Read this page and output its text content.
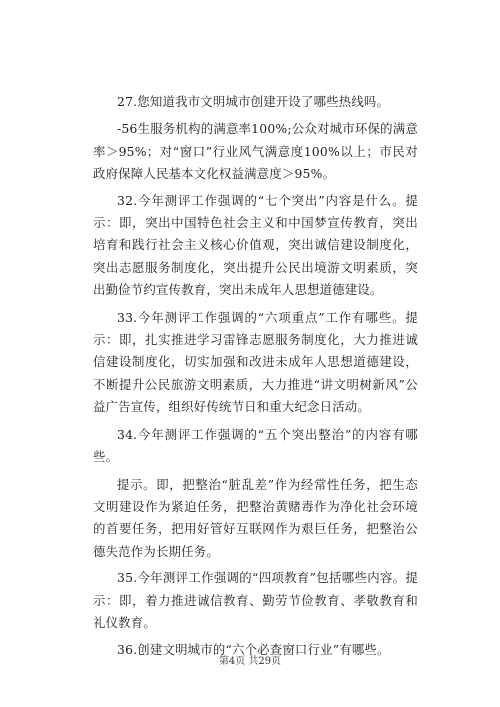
27.您知道我市文明城市创建开设了哪些热线吗。

-56生服务机构的满意率100%;公众对城市环保的满意率＞95%；对“窗口”行业风气满意度100%以上；市民对政府保障人民基本文化权益满意度＞95%。

32.今年测评工作强调的“七个突出”内容是什么。提示：即，突出中国特色社会主义和中国梦宣传教育，突出培育和践行社会主义核心价值观，突出诚信建设制度化，突出志愿服务制度化，突出提升公民出境游文明素质，突出勤俭节约宣传教育，突出未成年人思想道德建设。

33.今年测评工作强调的“六项重点”工作有哪些。提示：即，扎实推进学习雷锋志愿服务制度化，大力推进诚信建设制度化，切实加强和改进未成年人思想道德建设，不断提升公民旅游文明素质，大力推进“讲文明树新风”公益广告宣传，组织好传统节日和重大纪念日活动。

34.今年测评工作强调的“五个突出整治”的内容有哪些。

提示。即，把整治“脏乱差”作为经常性任务，把生态文明建设作为紧迫任务，把整治黄赌毒作为净化社会环境的首要任务，把用好管好互联网作为艰巨任务，把整治公德失范作为长期任务。

35.今年测评工作强调的“四项教育”包括哪些内容。提示：即，着力推进诚信教育、勤劳节俭教育、孝敬教育和礼仪教育。

36.创建文明城市的“六个必查窗口行业”有哪些。

第4页 共29页
